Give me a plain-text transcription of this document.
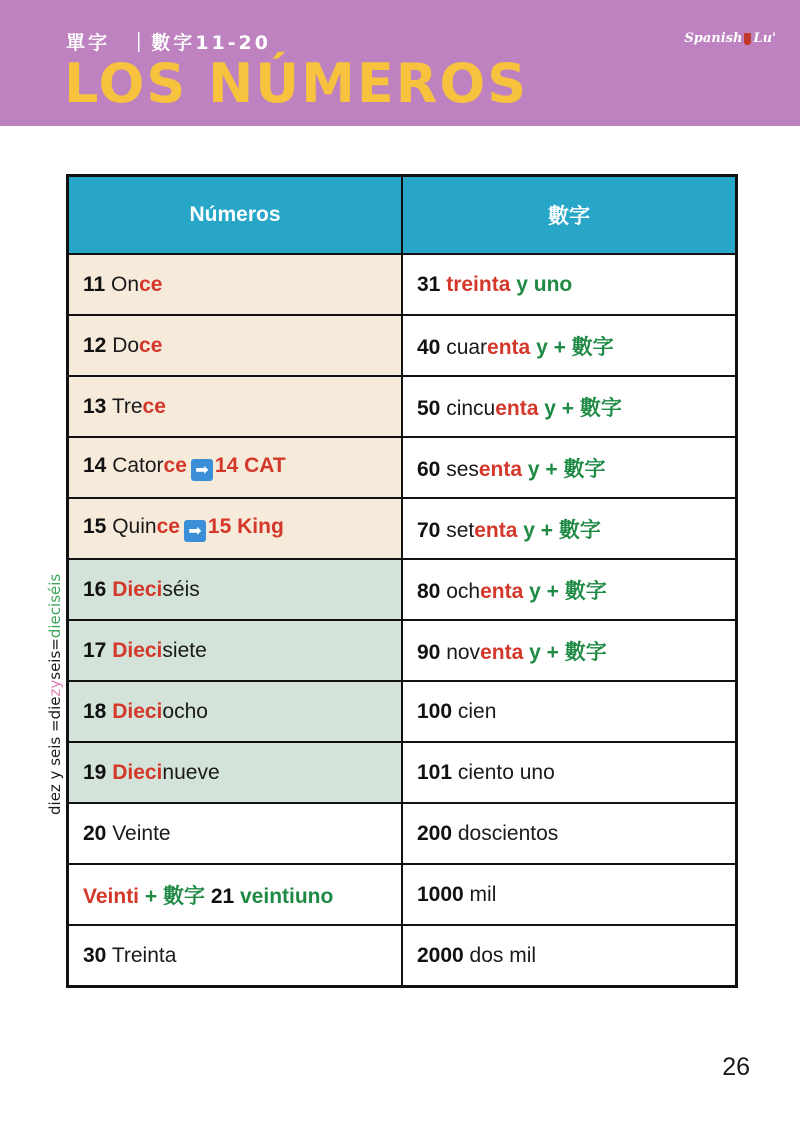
單字  ｜數字11-20
LOS NÚMEROS
Spanish Lu'
diez y seis =diezyseis=dieciséis
Números	數字
11 Once	31 treinta y uno
12 Doce	40 cuarenta y + 數字
13 Trece	50 cincuenta y + 數字
14 Catorce ➡ 14 CAT	60 sesenta y + 數字
15 Quince ➡ 15 King	70 setenta y + 數字
16 Dieciséis	80 ochenta y + 數字
17 Diecisiete	90 noventa y + 數字
18 Dieciocho	100 cien
19 Diecinueve	101 ciento uno
20 Veinte	200 doscientos
Veinti + 數字 21 veintiuno	1000 mil
30 Treinta	2000 dos mil
26
